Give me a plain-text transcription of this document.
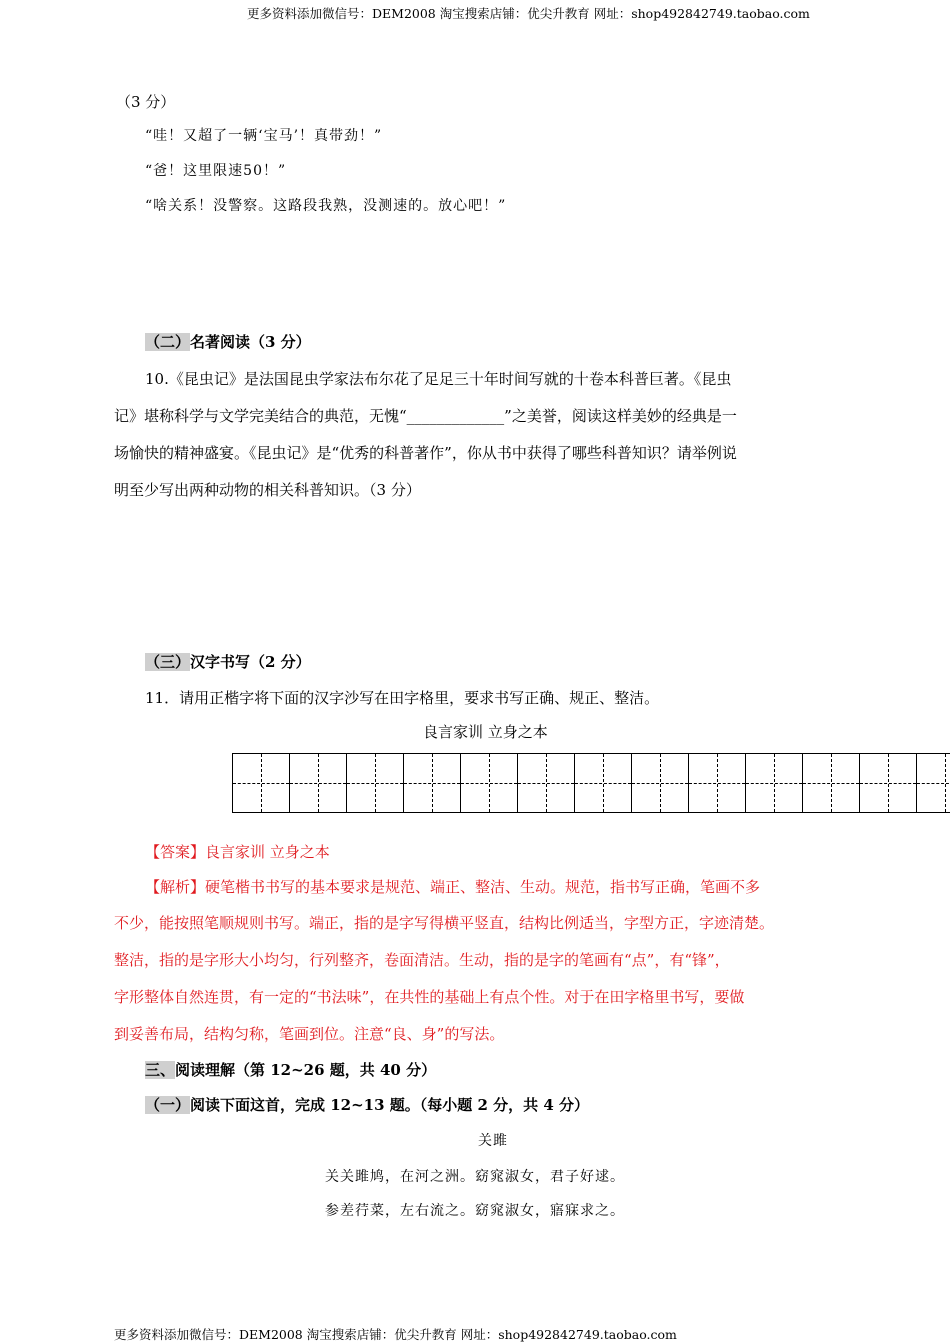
更多资料添加微信号：DEM2008 淘宝搜索店铺：优尖升教育 网址：shop492842749.taobao.com
（3 分）
“哇！又超了一辆‘宝马’！真带劲！”
“爸！这里限速50！”
“啥关系！没警察。这路段我熟，没测速的。放心吧！”
（二）名著阅读（3 分）
10.《昆虫记》是法国昆虫学家法布尔花了足足三十年时间写就的十卷本科普巨著。《昆虫
记》堪称科学与文学完美结合的典范，无愧“_____________”之美誉，阅读这样美妙的经典是一
场愉快的精神盛宴。《昆虫记》是“优秀的科普著作”，你从书中获得了哪些科普知识？请举例说
明至少写出两种动物的相关科普知识。（3 分）
（三）汉字书写（2 分）
11．请用正楷字将下面的汉字沙写在田字格里，要求书写正确、规正、整洁。
良言家训 立身之本
【答案】良言家训 立身之本
【解析】硬笔楷书书写的基本要求是规范、端正、整洁、生动。规范，指书写正确，笔画不多
不少，能按照笔顺规则书写。端正，指的是字写得横平竖直，结构比例适当，字型方正，字迹清楚。
整洁，指的是字形大小均匀，行列整齐，卷面清洁。生动，指的是字的笔画有“点”，有“锋”，
字形整体自然连贯，有一定的“书法味”，在共性的基础上有点个性。对于在田字格里书写，要做
到妥善布局，结构匀称，笔画到位。注意“良、身”的写法。
三、阅读理解（第 12~26 题，共 40 分）
（一）阅读下面这首，完成 12~13 题。（每小题 2 分，共 4 分）
关雎
关关雎鸠，在河之洲。窈窕淑女，君子好逑。
参差荇菜，左右流之。窈窕淑女，寤寐求之。
更多资料添加微信号：DEM2008 淘宝搜索店铺：优尖升教育 网址：shop492842749.taobao.com
